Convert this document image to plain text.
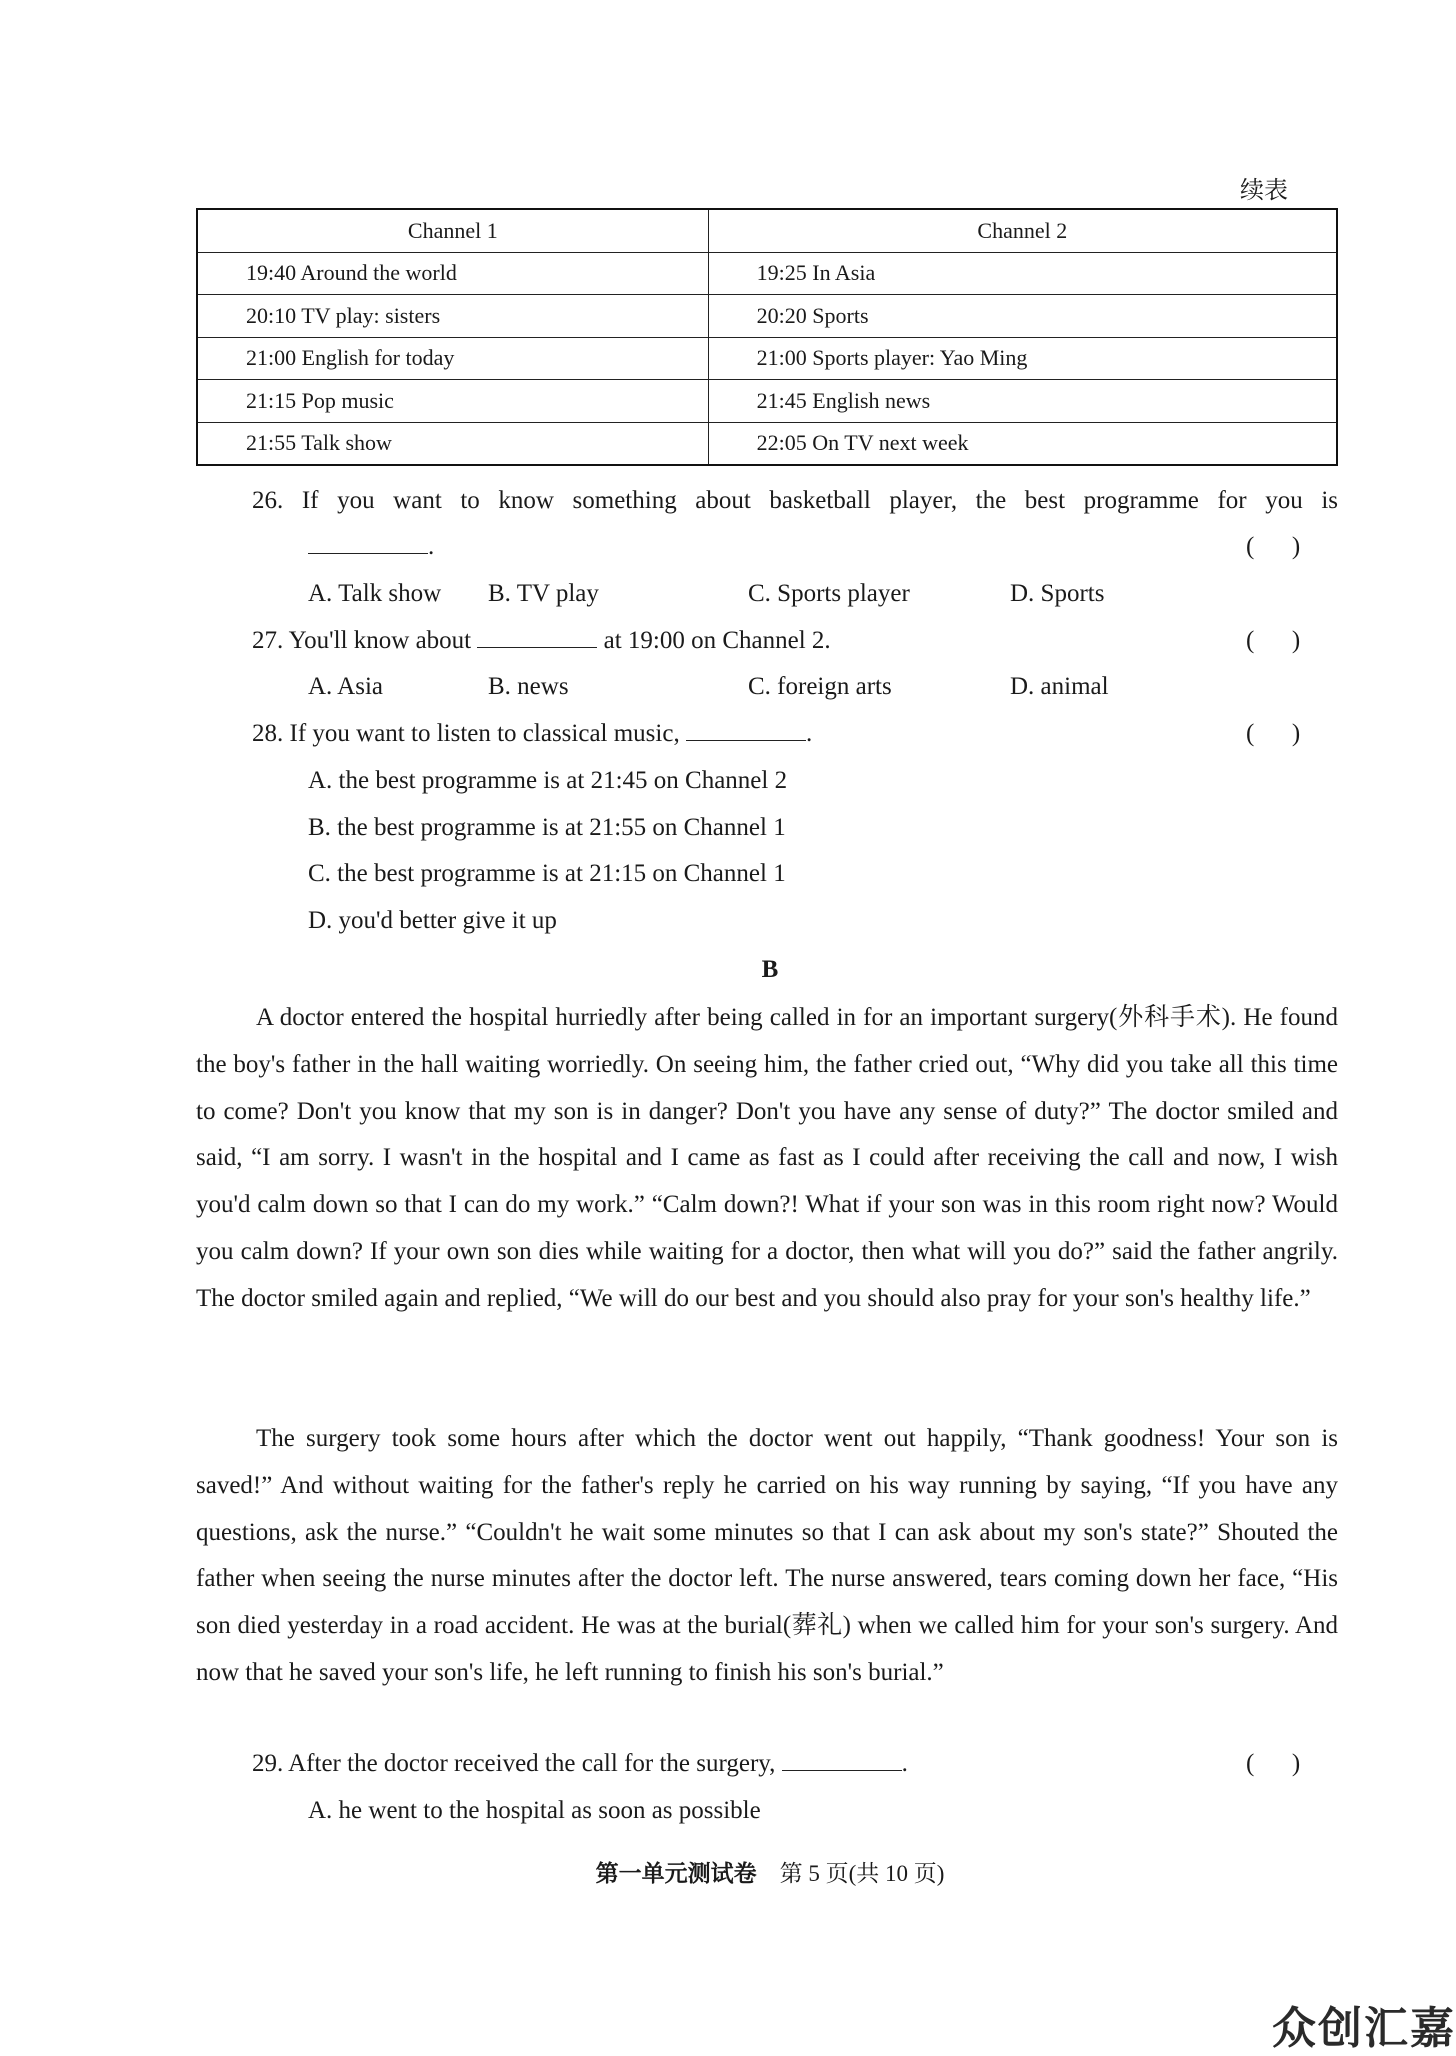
续表
Channel 1	Channel 2
19:40 Around the world	19:25 In Asia
20:10 TV play: sisters	20:20 Sports
21:00 English for today	21:00 Sports player: Yao Ming
21:15 Pop music	21:45 English news
21:55 Talk show	22:05 On TV next week
26. If you want to know something about basketball player, the best programme for you is
.	(      )
A. Talk show B. TV play	C. Sports player	D. Sports
27. You'll know about	at 19:00 on Channel 2.	(      )
A. Asia	B. news	C. foreign arts	D. animal
28. If you want to listen to classical music,	.	(      )
A. the best programme is at 21:45 on Channel 2
B. the best programme is at 21:55 on Channel 1
C. the best programme is at 21:15 on Channel 1
D. you'd better give it up
B

A doctor entered the hospital hurriedly after being called in for an important surgery(外科手术). He found the boy's father in the hall waiting worriedly. On seeing him, the father cried out, “Why did you take all this time to come? Don't you know that my son is in danger? Don't you have any sense of duty?” The doctor smiled and said, “I am sorry. I wasn't in the hospital and I came as fast as I could after receiving the call and now, I wish you'd calm down so that I can do my work.” “Calm down?! What if your son was in this room right now? Would you calm down? If your own son dies while waiting for a doctor, then what will you do?” said the father angrily. The doctor smiled again and replied, “We will do our best and you should also pray for your son's healthy life.”

The surgery took some hours after which the doctor went out happily, “Thank goodness! Your son is saved!” And without waiting for the father's reply he carried on his way running by saying, “If you have any questions, ask the nurse.” “Couldn't he wait some minutes so that I can ask about my son's state?” Shouted the father when seeing the nurse minutes after the doctor left. The nurse answered, tears coming down her face, “His son died yesterday in a road accident. He was at the burial(葬礼) when we called him for your son's surgery. And now that he saved your son's life, he left running to finish his son's burial.”

29. After the doctor received the call for the surgery,	.	(      )
A. he went to the hospital as soon as possible
第一单元测试卷 第 5 页(共 10 页)
众创汇嘉
